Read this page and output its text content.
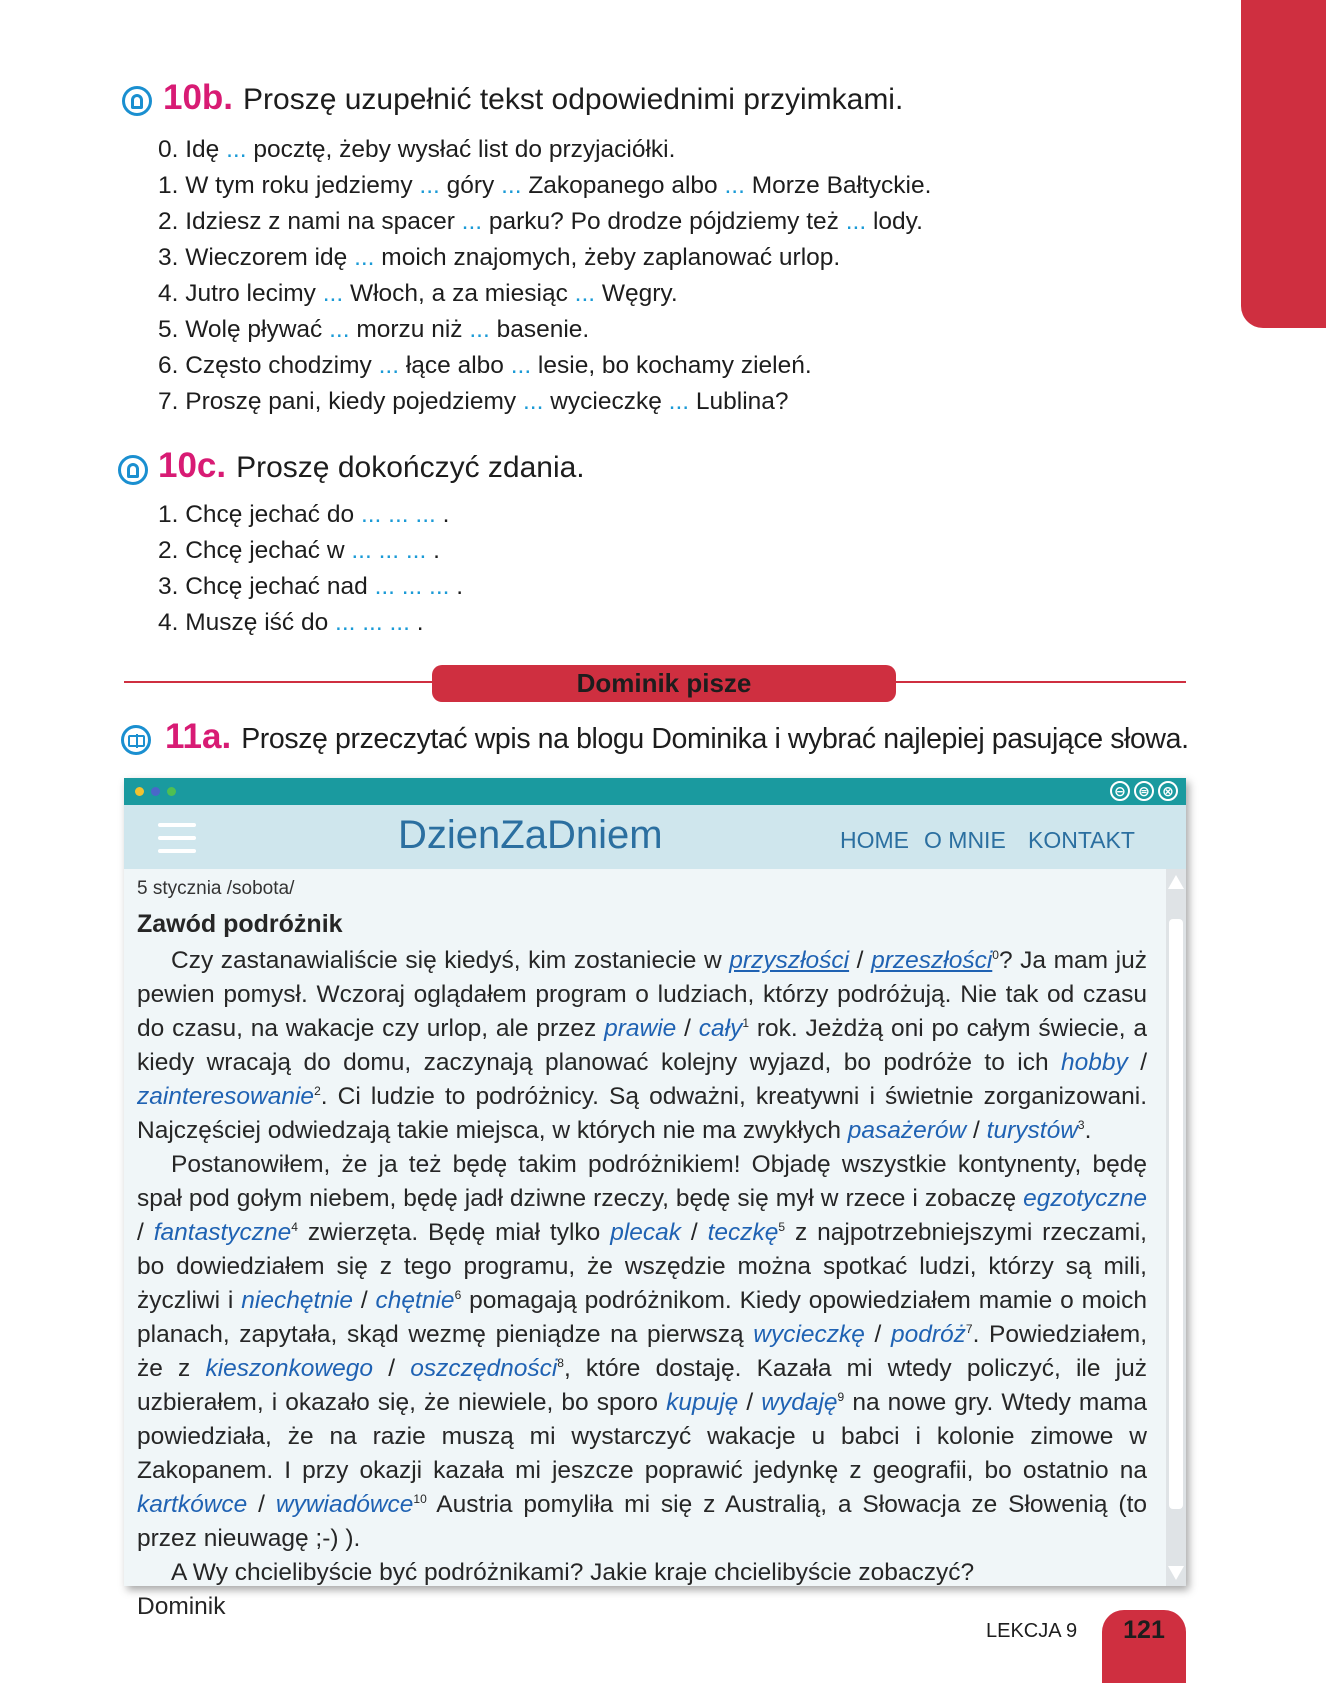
10b. Proszę uzupełnić tekst odpowiednimi przyimkami.
0. Idę ... pocztę, żeby wysłać list do przyjaciółki.
1. W tym roku jedziemy ... góry ... Zakopanego albo ... Morze Bałtyckie.
2. Idziesz z nami na spacer ... parku? Po drodze pójdziemy też ... lody.
3. Wieczorem idę ... moich znajomych, żeby zaplanować urlop.
4. Jutro lecimy ... Włoch, a za miesiąc ... Węgry.
5. Wolę pływać ... morzu niż ... basenie.
6. Często chodzimy ... łące albo ... lesie, bo kochamy zieleń.
7. Proszę pani, kiedy pojedziemy ... wycieczkę ... Lublina?
10c. Proszę dokończyć zdania.
1. Chcę jechać do ... ... ... .
2. Chcę jechać w ... ... ... .
3. Chcę jechać nad ... ... ... .
4. Muszę iść do ... ... ... .
Dominik pisze
11a. Proszę przeczytać wpis na blogu Dominika i wybrać najlepiej pasujące słowa.
⊖ ⊜ ⊗
DzienZaDniem	HOME O MNIE KONTAKT
5 stycznia /sobota/
Zawód podróżnik

Czy zastanawialiście się kiedyś, kim zostaniecie w przyszłości / przeszłości$^0$? Ja mam już pewien pomysł. Wczoraj oglądałem program o ludziach, którzy podróżują. Nie tak od czasu do czasu, na wakacje czy urlop, ale przez prawie / cały$^1$ rok. Jeżdżą oni po całym świecie, a kiedy wracają do domu, zaczynają planować kolejny wyjazd, bo podróże to ich hobby / zainteresowanie$^2$. Ci ludzie to podróżnicy. Są odważni, kreatywni i świetnie zorganizowani. Najczęściej odwiedzają takie miejsca, w których nie ma zwykłych pasażerów / turystów$^3$.

Postanowiłem, że ja też będę takim podróżnikiem! Objadę wszystkie kontynenty, będę spał pod gołym niebem, będę jadł dziwne rzeczy, będę się mył w rzece i zobaczę egzotyczne / fantastyczne$^4$ zwierzęta. Będę miał tylko plecak / teczkę$^5$ z najpotrzebniejszymi rzeczami, bo dowiedziałem się z tego programu, że wszędzie można spotkać ludzi, którzy są mili, życzliwi i niechętnie / chętnie$^6$ pomagają podróżnikom. Kiedy opowiedziałem mamie o moich planach, zapytała, skąd wezmę pieniądze na pierwszą wycieczkę / podróż$^7$. Powiedziałem, że z kieszonkowego / oszczędności$^8$, które dostaję. Kazała mi wtedy policzyć, ile już uzbierałem, i okazało się, że niewiele, bo sporo kupuję / wydaję$^9$ na nowe gry. Wtedy mama powiedziała, że na razie muszą mi wystarczyć wakacje u babci i kolonie zimowe w Zakopanem. I przy okazji kazała mi jeszcze poprawić jedynkę z geografii, bo ostatnio na kartkówce / wywiadówce$^{10}$ Austria pomyliła mi się z Australią, a Słowacja ze Słowenią (to przez nieuwagę ;-) ).

A Wy chcielibyście być podróżnikami? Jakie kraje chcielibyście zobaczyć?

Dominik

LEKCJA 9	121
